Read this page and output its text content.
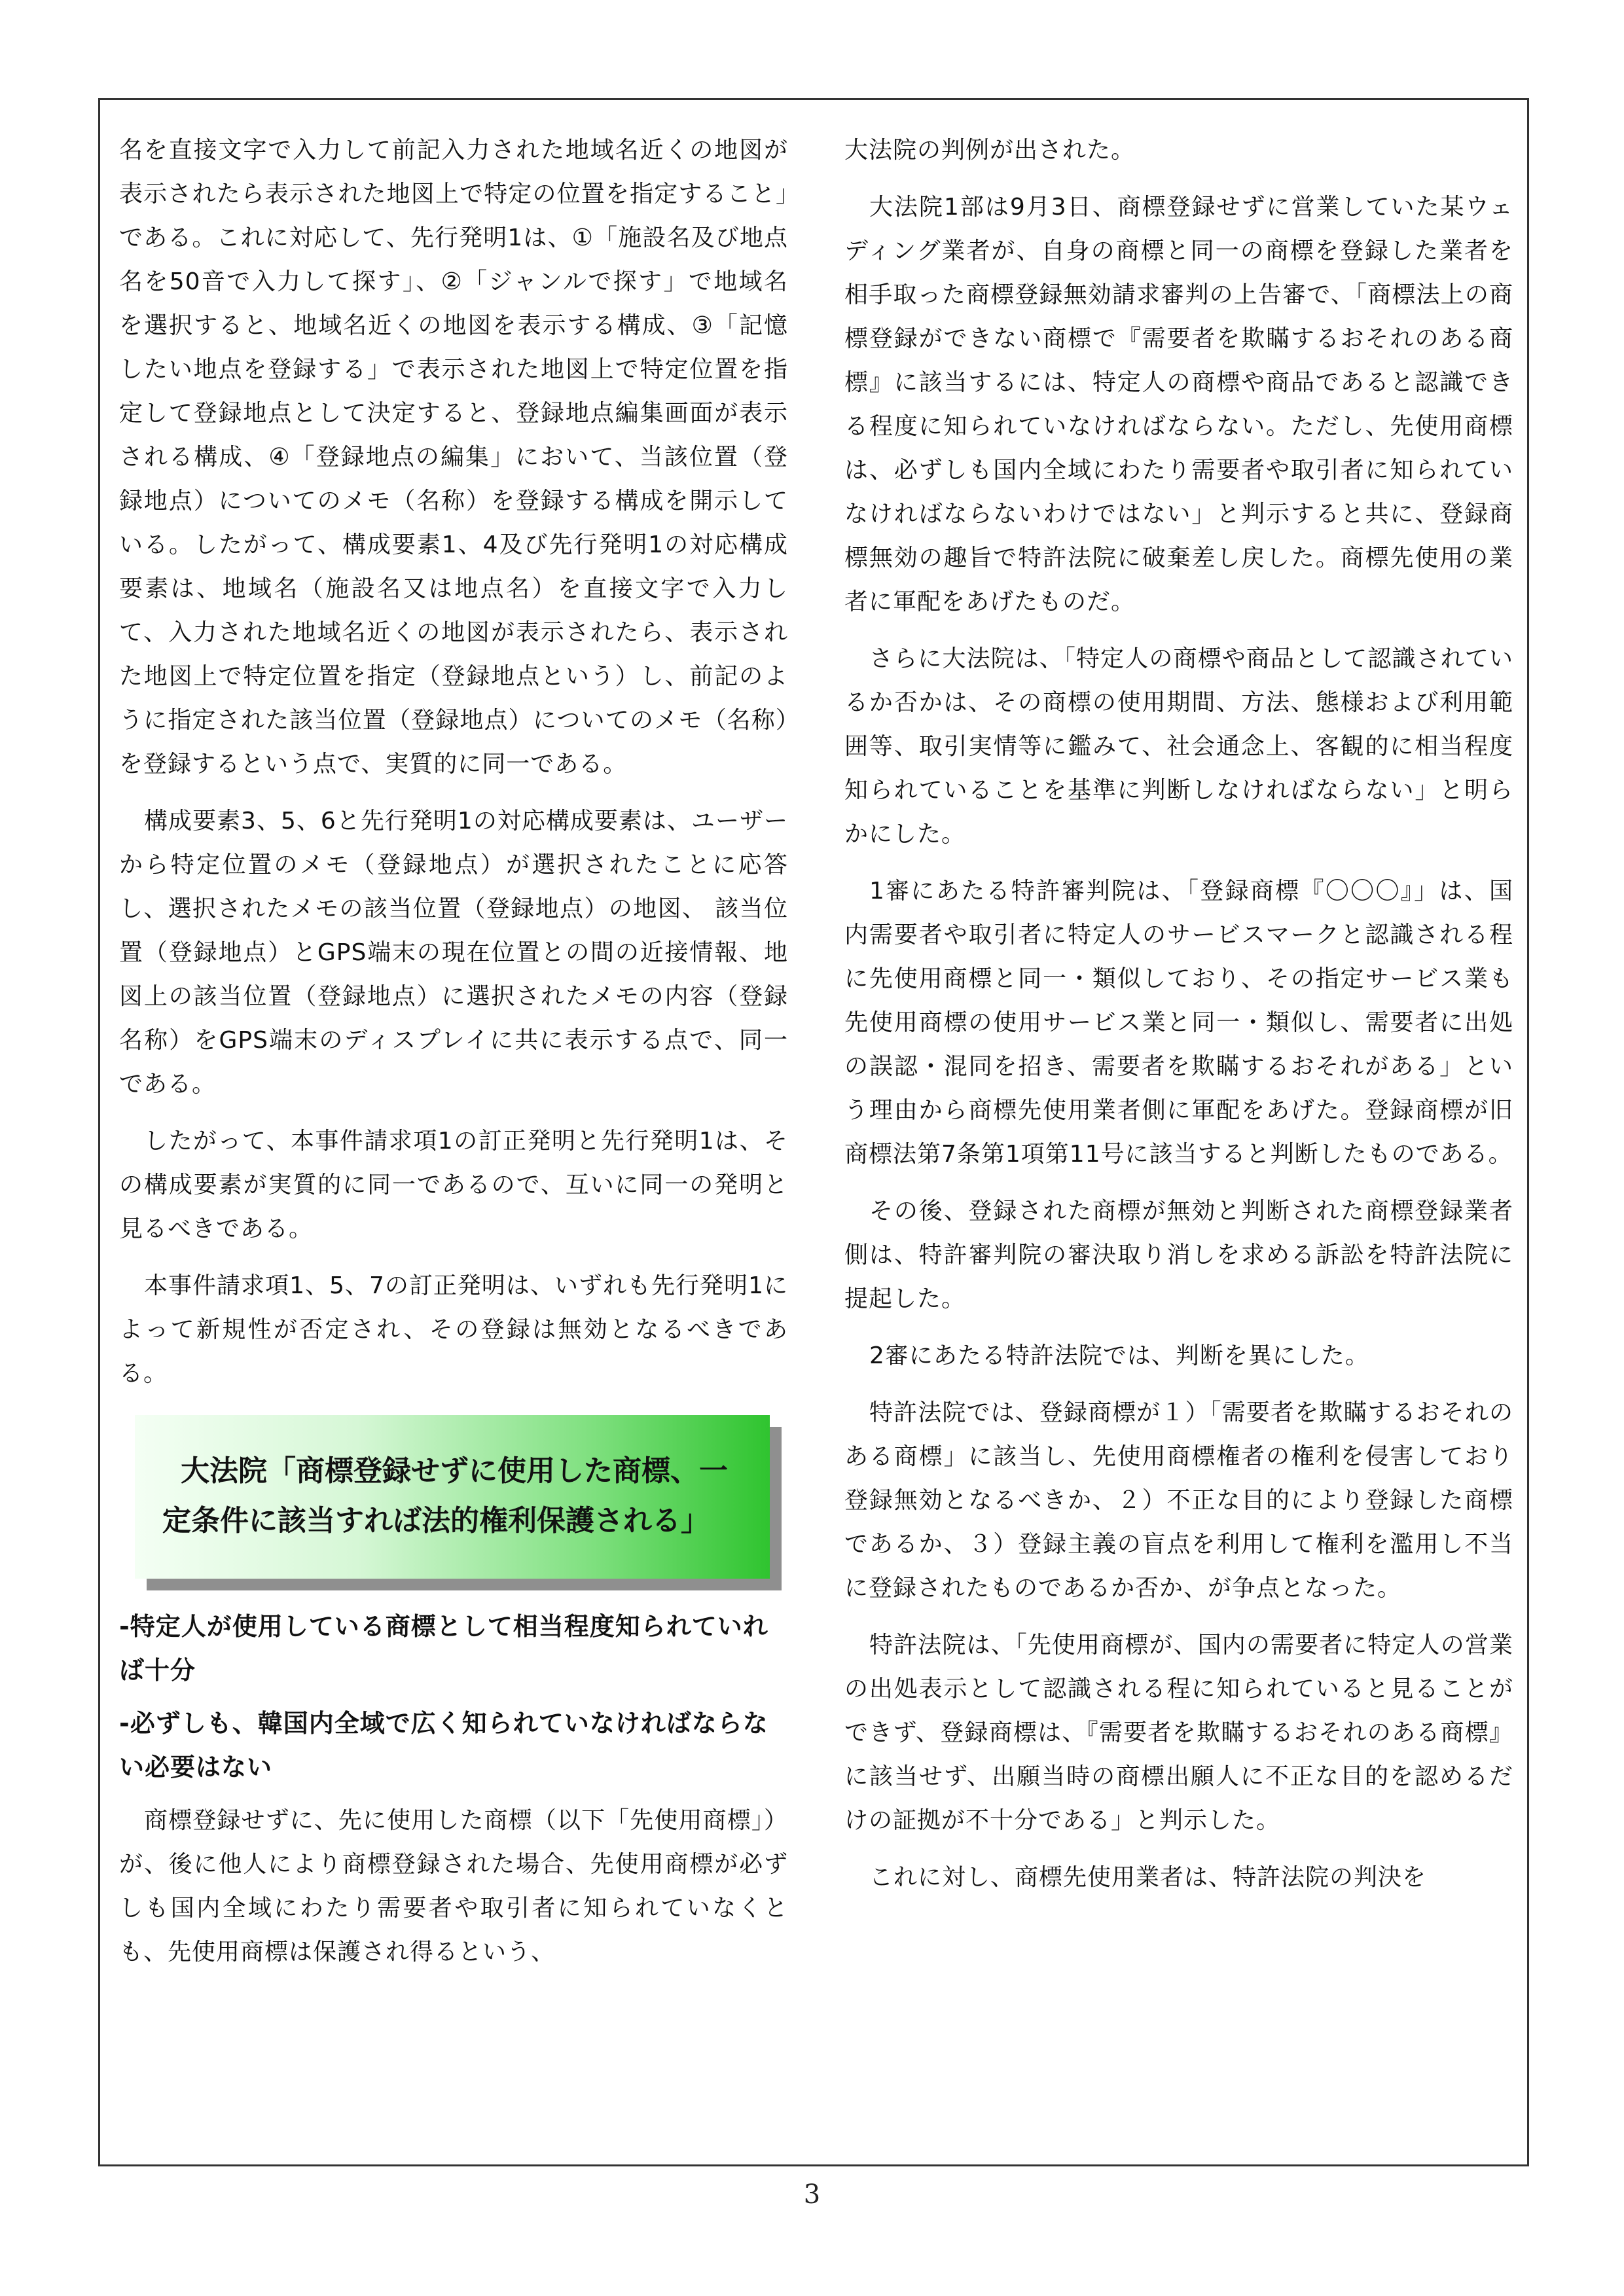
名を直接文字で入力して前記入力された地域名近くの地図が表示されたら表示された地図上で特定の位置を指定すること」である。これに対応して、先行発明1は、①「施設名及び地点名を50音で入力して探す」、②「ジャンルで探す」で地域名を選択すると、地域名近くの地図を表示する構成、③「記憶したい地点を登録する」で表示された地図上で特定位置を指定して登録地点として決定すると、登録地点編集画面が表示される構成、④「登録地点の編集」において、当該位置（登録地点）についてのメモ（名称）を登録する構成を開示している。したがって、構成要素1、4及び先行発明1の対応構成要素は、地域名（施設名又は地点名）を直接文字で入力して、入力された地域名近くの地図が表示されたら、表示された地図上で特定位置を指定（登録地点という）し、前記のように指定された該当位置（登録地点）についてのメモ（名称）を登録するという点で、実質的に同一である。

構成要素3、5、6と先行発明1の対応構成要素は、ユーザーから特定位置のメモ（登録地点）が選択されたことに応答し、選択されたメモの該当位置（登録地点）の地図、 該当位置（登録地点）とGPS端末の現在位置との間の近接情報、地図上の該当位置（登録地点）に選択されたメモの内容（登録名称）をGPS端末のディスプレイに共に表示する点で、同一である。

したがって、本事件請求項1の訂正発明と先行発明1は、その構成要素が実質的に同一であるので、互いに同一の発明と見るべきである。

本事件請求項1、5、7の訂正発明は、いずれも先行発明1によって新規性が否定され、その登録は無効となるべきである。

大法院「商標登録せずに使用した商標、一
定条件に該当すれば法的権利保護される」

-特定人が使用している商標として相当程度知られていれば十分

-必ずしも、韓国内全域で広く知られていなければならない必要はない

商標登録せずに、先に使用した商標（以下「先使用商標」）が、後に他人により商標登録された場合、先使用商標が必ずしも国内全域にわたり需要者や取引者に知られていなくとも、先使用商標は保護され得るという、

大法院の判例が出された。

大法院1部は9月3日、商標登録せずに営業していた某ウェディング業者が、自身の商標と同一の商標を登録した業者を相手取った商標登録無効請求審判の上告審で、「商標法上の商標登録ができない商標で『需要者を欺瞞するおそれのある商標』に該当するには、特定人の商標や商品であると認識できる程度に知られていなければならない。ただし、先使用商標は、必ずしも国内全域にわたり需要者や取引者に知られていなければならないわけではない」と判示すると共に、登録商標無効の趣旨で特許法院に破棄差し戻した。商標先使用の業者に軍配をあげたものだ。

さらに大法院は、「特定人の商標や商品として認識されているか否かは、その商標の使用期間、方法、態様および利用範囲等、取引実情等に鑑みて、社会通念上、客観的に相当程度知られていることを基準に判断しなければならない」と明らかにした。

1審にあたる特許審判院は、「登録商標『〇〇〇』」は、国内需要者や取引者に特定人のサービスマークと認識される程に先使用商標と同一・類似しており、その指定サービス業も先使用商標の使用サービス業と同一・類似し、需要者に出処の誤認・混同を招き、需要者を欺瞞するおそれがある」という理由から商標先使用業者側に軍配をあげた。登録商標が旧商標法第7条第1項第11号に該当すると判断したものである。

その後、登録された商標が無効と判断された商標登録業者側は、特許審判院の審決取り消しを求める訴訟を特許法院に提起した。

2審にあたる特許法院では、判断を異にした。

特許法院では、登録商標が１）「需要者を欺瞞するおそれのある商標」に該当し、先使用商標権者の権利を侵害しており登録無効となるべきか、２）不正な目的により登録した商標であるか、３）登録主義の盲点を利用して権利を濫用し不当に登録されたものであるか否か、が争点となった。

特許法院は、「先使用商標が、国内の需要者に特定人の営業の出処表示として認識される程に知られていると見ることができず、登録商標は、『需要者を欺瞞するおそれのある商標』に該当せず、出願当時の商標出願人に不正な目的を認めるだけの証拠が不十分である」と判示した。

これに対し、商標先使用業者は、特許法院の判決を

3
